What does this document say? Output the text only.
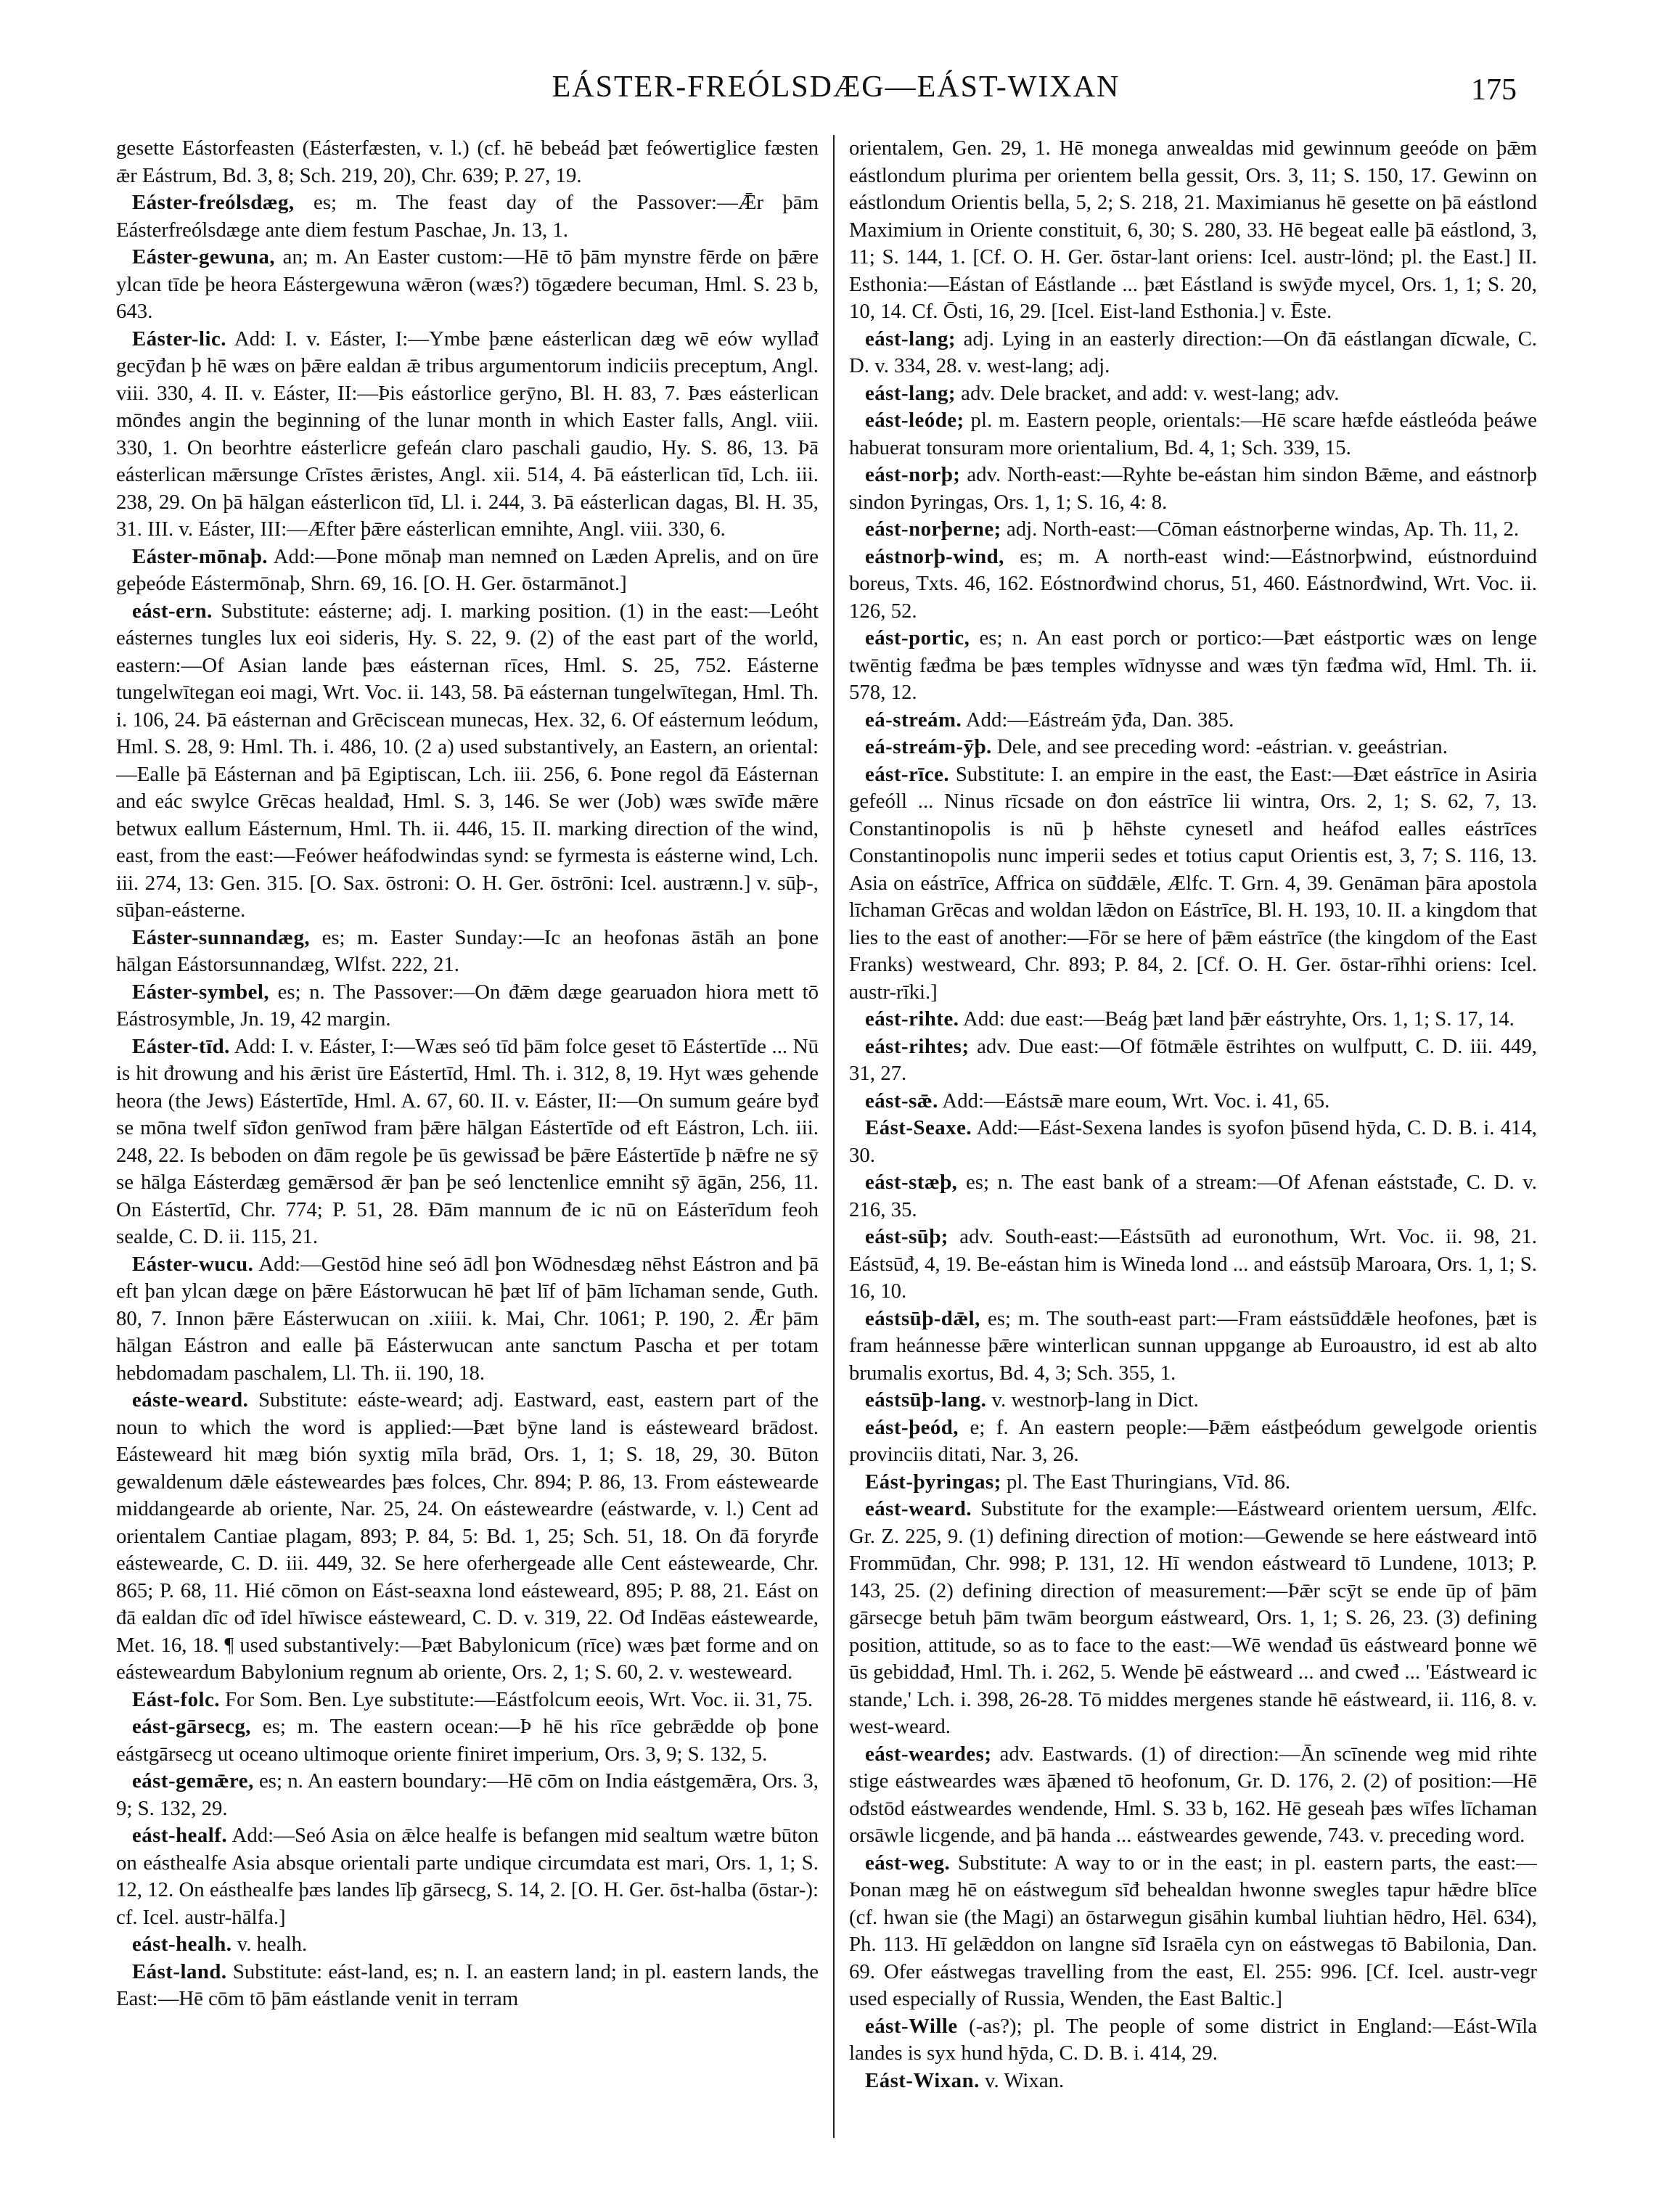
EÁSTER-FREÓLSDÆG—EÁST-WIXAN	175

gesette Eástorfeasten (Eásterfæsten, v. l.) (cf. hē bebeád þæt feówertiglice fæsten ǣr Eástrum, Bd. 3, 8; Sch. 219, 20), Chr. 639; P. 27, 19.

Eáster-freólsdæg, es; m. The feast day of the Passover:—Ǣr þām Eásterfreólsdæge ante diem festum Paschae, Jn. 13, 1.

Eáster-gewuna, an; m. An Easter custom:—Hē tō þām mynstre fērde on þǣre ylcan tīde þe heora Eástergewuna wǣron (wæs?) tōgædere becuman, Hml. S. 23 b, 643.

Eáster-lic. Add: I. v. Eáster, I:—Ymbe þæne eásterlican dæg wē eów wyllađ gecȳđan þ hē wæs on þǣre ealdan ǣ tribus argumentorum indiciis preceptum, Angl. viii. 330, 4. II. v. Eáster, II:—Þis eástorlice gerȳno, Bl. H. 83, 7. Þæs eásterlican mōnđes angin the beginning of the lunar month in which Easter falls, Angl. viii. 330, 1. On beorhtre eásterlicre gefeán claro paschali gaudio, Hy. S. 86, 13. Þā eásterlican mǣrsunge Crīstes ǣristes, Angl. xii. 514, 4. Þā eásterlican tīd, Lch. iii. 238, 29. On þā hālgan eásterlicon tīd, Ll. i. 244, 3. Þā eásterlican dagas, Bl. H. 35, 31. III. v. Eáster, III:—Æfter þǣre eásterlican emnihte, Angl. viii. 330, 6.

Eáster-mōnaþ. Add:—Þone mōnaþ man nemneđ on Læden Aprelis, and on ūre geþeóde Eástermōnaþ, Shrn. 69, 16. [O. H. Ger. ōstarmānot.]

eást-ern. Substitute: eásterne; adj. I. marking position. (1) in the east:—Leóht eásternes tungles lux eoi sideris, Hy. S. 22, 9. (2) of the east part of the world, eastern:—Of Asian lande þæs eásternan rīces, Hml. S. 25, 752. Eásterne tungelwītegan eoi magi, Wrt. Voc. ii. 143, 58. Þā eásternan tungelwītegan, Hml. Th. i. 106, 24. Þā eásternan and Grēciscean munecas, Hex. 32, 6. Of eásternum leódum, Hml. S. 28, 9: Hml. Th. i. 486, 10. (2 a) used substantively, an Eastern, an oriental:—Ealle þā Eásternan and þā Egiptiscan, Lch. iii. 256, 6. Þone regol đā Eásternan and eác swylce Grēcas healdađ, Hml. S. 3, 146. Se wer (Job) wæs swīđe mǣre betwux eallum Eásternum, Hml. Th. ii. 446, 15. II. marking direction of the wind, east, from the east:—Feówer heáfodwindas synd: se fyrmesta is eásterne wind, Lch. iii. 274, 13: Gen. 315. [O. Sax. ōstroni: O. H. Ger. ōstrōni: Icel. austrænn.] v. sūþ-, sūþan-eásterne.

Eáster-sunnandæg, es; m. Easter Sunday:—Ic an heofonas āstāh an þone hālgan Eástorsunnandæg, Wlfst. 222, 21.

Eáster-symbel, es; n. The Passover:—On đǣm dæge gearuadon hiora mett tō Eástrosymble, Jn. 19, 42 margin.

Eáster-tīd. Add: I. v. Eáster, I:—Wæs seó tīd þām folce geset tō Eástertīde ... Nū is hit đrowung and his ǣrist ūre Eástertīd, Hml. Th. i. 312, 8, 19. Hyt wæs gehende heora (the Jews) Eástertīde, Hml. A. 67, 60. II. v. Eáster, II:—On sumum geáre byđ se mōna twelf sīđon genīwod fram þǣre hālgan Eástertīde ođ eft Eástron, Lch. iii. 248, 22. Is beboden on đām regole þe ūs gewissađ be þǣre Eástertīde þ nǣfre ne sȳ se hālga Eásterdæg gemǣrsod ǣr þan þe seó lenctenlice emniht sȳ āgān, 256, 11. On Eástertīd, Chr. 774; P. 51, 28. Đām mannum đe ic nū on Eásterīdum feoh sealde, C. D. ii. 115, 21.

Eáster-wucu. Add:—Gestōd hine seó ādl þon Wōdnesdæg nēhst Eástron and þā eft þan ylcan dæge on þǣre Eástorwucan hē þæt līf of þām līchaman sende, Guth. 80, 7. Innon þǣre Eásterwucan on .xiiii. k. Mai, Chr. 1061; P. 190, 2. Ǣr þām hālgan Eástron and ealle þā Eásterwucan ante sanctum Pascha et per totam hebdomadam paschalem, Ll. Th. ii. 190, 18.

eáste-weard. Substitute: eáste-weard; adj. Eastward, east, eastern part of the noun to which the word is applied:—Þæt bȳne land is eásteweard brādost. Eásteweard hit mæg bión syxtig mīla brād, Ors. 1, 1; S. 18, 29, 30. Būton gewaldenum dǣle eásteweardes þæs folces, Chr. 894; P. 86, 13. From eásteweardе middangearde ab oriente, Nar. 25, 24. On eásteweardre (eástwarde, v. l.) Cent ad orientalem Cantiae plagam, 893; P. 84, 5: Bd. 1, 25; Sch. 51, 18. On đā foryrđe eásteweardе, C. D. iii. 449, 32. Se here oferhergeade alle Cent eásteweardе, Chr. 865; P. 68, 11. Hié cōmon on Eást-seaxna lond eásteweard, 895; P. 88, 21. Eást on đā ealdan dīc ođ īdel hīwisce eásteweard, C. D. v. 319, 22. Ođ Indēas eásteweardе, Met. 16, 18. ¶ used substantively:—Þæt Babylonicum (rīce) wæs þæt forme and on eásteweardum Babylonium regnum ab oriente, Ors. 2, 1; S. 60, 2. v. westeweard.

Eást-folc. For Som. Ben. Lye substitute:—Eástfolcum eeois, Wrt. Voc. ii. 31, 75.

eást-gārsecg, es; m. The eastern ocean:—Þ hē his rīce gebrǣdde oþ þone eástgārsecg ut oceano ultimoque oriente finiret imperium, Ors. 3, 9; S. 132, 5.

eást-gemǣre, es; n. An eastern boundary:—Hē cōm on India eástgemǣra, Ors. 3, 9; S. 132, 29.

eást-healf. Add:—Seó Asia on ǣlce healfe is befangen mid sealtum wætre būton on eásthealfe Asia absque orientali parte undique circumdata est mari, Ors. 1, 1; S. 12, 12. On eásthealfe þæs landes līþ gārsecg, S. 14, 2. [O. H. Ger. ōst-halba (ōstar-): cf. Icel. austr-hālfa.]

eást-healh. v. healh.

Eást-land. Substitute: eást-land, es; n. I. an eastern land; in pl. eastern lands, the East:—Hē cōm tō þām eástlande venit in terram

orientalem, Gen. 29, 1. Hē monega anwealdas mid gewinnum geeóde on þǣm eástlondum plurima per orientem bella gessit, Ors. 3, 11; S. 150, 17. Gewinn on eástlondum Orientis bella, 5, 2; S. 218, 21. Maximianus hē gesette on þā eástlond Maximium in Oriente constituit, 6, 30; S. 280, 33. Hē begeat ealle þā eástlond, 3, 11; S. 144, 1. [Cf. O. H. Ger. ōstar-lant oriens: Icel. austr-lönd; pl. the East.] II. Esthonia:—Eástan of Eástlande ... þæt Eástland is swȳđe mycel, Ors. 1, 1; S. 20, 10, 14. Cf. Ōsti, 16, 29. [Icel. Eist-land Esthonia.] v. Ēste.

eást-lang; adj. Lying in an easterly direction:—On đā eástlangan dīcwale, C. D. v. 334, 28. v. west-lang; adj.

eást-lang; adv. Dele bracket, and add: v. west-lang; adv.

eást-leóde; pl. m. Eastern people, orientals:—Hē scare hæfde eástleóda þeáwe habuerat tonsuram more orientalium, Bd. 4, 1; Sch. 339, 15.

eást-norþ; adv. North-east:—Ryhte be-eástan him sindon Bǣme, and eástnorþ sindon Þyringas, Ors. 1, 1; S. 16, 4: 8.

eást-norþerne; adj. North-east:—Cōman eástnorþerne windas, Ap. Th. 11, 2.

eástnorþ-wind, es; m. A north-east wind:—Eástnorþwind, eústnorduind boreus, Txts. 46, 162. Eóstnorđwind chorus, 51, 460. Eástnorđwind, Wrt. Voc. ii. 126, 52.

eást-portic, es; n. An east porch or portico:—Þæt eástportic wæs on lenge twēntig fæđma be þæs temples wīdnysse and wæs tȳn fæđma wīd, Hml. Th. ii. 578, 12.

eá-streám. Add:—Eástreám ȳđa, Dan. 385.

eá-streám-ȳþ. Dele, and see preceding word: -eástrian. v. geeástrian.

eást-rīce. Substitute: I. an empire in the east, the East:—Đæt eástrīce in Asiria gefeóll ... Ninus rīcsade on đon eástrīce lii wintra, Ors. 2, 1; S. 62, 7, 13. Constantinopolis is nū þ hēhste cynesetl and heáfod ealles eástrīces Constantinopolis nunc imperii sedes et totius caput Orientis est, 3, 7; S. 116, 13. Asia on eástrīce, Affrica on sūđdǣle, Ælfc. T. Grn. 4, 39. Genāman þāra apostola līchaman Grēcas and woldan lǣdon on Eástrīce, Bl. H. 193, 10. II. a kingdom that lies to the east of another:—Fōr se here of þǣm eástrīce (the kingdom of the East Franks) westweard, Chr. 893; P. 84, 2. [Cf. O. H. Ger. ōstar-rīhhi oriens: Icel. austr-rīki.]

eást-rihte. Add: due east:—Beág þæt land þǣr eástryhte, Ors. 1, 1; S. 17, 14.

eást-rihtes; adv. Due east:—Of fōtmǣle ēstrihtes on wulfputt, C. D. iii. 449, 31, 27.

eást-sǣ. Add:—Eástsǣ mare eoum, Wrt. Voc. i. 41, 65.

Eást-Seaxe. Add:—Eást-Sexena landes is syofon þūsend hȳda, C. D. B. i. 414, 30.

eást-stæþ, es; n. The east bank of a stream:—Of Afenan eáststađe, C. D. v. 216, 35.

eást-sūþ; adv. South-east:—Eástsūth ad euronothum, Wrt. Voc. ii. 98, 21. Eástsūđ, 4, 19. Be-eástan him is Wineda lond ... and eástsūþ Maroara, Ors. 1, 1; S. 16, 10.

eástsūþ-dǣl, es; m. The south-east part:—Fram eástsūđdǣle heofones, þæt is fram heánnesse þǣre winterlican sunnan uppgange ab Euroaustro, id est ab alto brumalis exortus, Bd. 4, 3; Sch. 355, 1.

eástsūþ-lang. v. westnorþ-lang in Dict.

eást-þeód, e; f. An eastern people:—Þǣm eástþeódum gewelgode orientis provinciis ditati, Nar. 3, 26.

Eást-þyringas; pl. The East Thuringians, Vīd. 86.

eást-weard. Substitute for the example:—Eástweard orientem uersum, Ælfc. Gr. Z. 225, 9. (1) defining direction of motion:—Gewende se here eástweard intō Frommūđan, Chr. 998; P. 131, 12. Hī wendon eástweard tō Lundene, 1013; P. 143, 25. (2) defining direction of measurement:—Þǣr scȳt se ende ūp of þām gārsecge betuh þām twām beorgum eástweard, Ors. 1, 1; S. 26, 23. (3) defining position, attitude, so as to face to the east:—Wē wendađ ūs eástweard þonne wē ūs gebiddađ, Hml. Th. i. 262, 5. Wende þē eástweard ... and cweđ ... 'Eástweard ic stande,' Lch. i. 398, 26-28. Tō middes mergenes stande hē eástweard, ii. 116, 8. v. west-weard.

eást-weardes; adv. Eastwards. (1) of direction:—Ān scīnende weg mid rihte stige eástweardes wæs āþæned tō heofonum, Gr. D. 176, 2. (2) of position:—Hē ođstōd eástweardes wendende, Hml. S. 33 b, 162. Hē geseah þæs wīfes līchaman orsāwle licgende, and þā handa ... eástweardes gewende, 743. v. preceding word.

eást-weg. Substitute: A way to or in the east; in pl. eastern parts, the east:—Þonan mæg hē on eástwegum sīđ behealdan hwonne swegles tapur hǣdre blīce (cf. hwan sie (the Magi) an ōstarwegun gisāhin kumbal liuhtian hēdro, Hēl. 634), Ph. 113. Hī gelǣddon on langne sīđ Israēla cyn on eástwegas tō Babilonia, Dan. 69. Ofer eástwegas travelling from the east, El. 255: 996. [Cf. Icel. austr-vegr used especially of Russia, Wenden, the East Baltic.]

eást-Wille (-as?); pl. The people of some district in England:—Eást-Wīla landes is syx hund hȳda, C. D. B. i. 414, 29.

Eást-Wixan. v. Wixan.
